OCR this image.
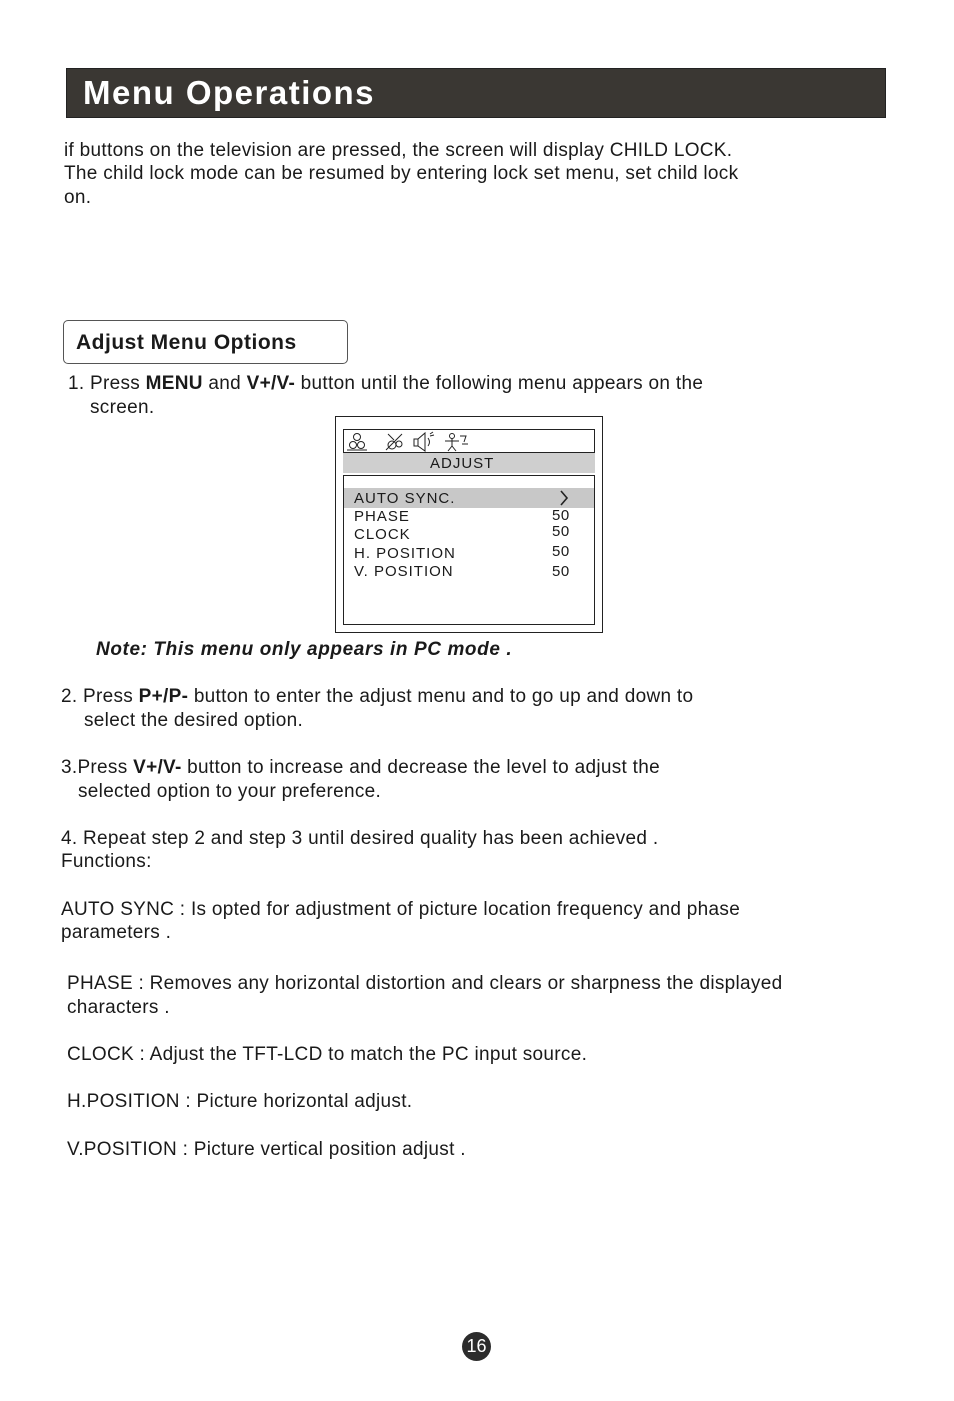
Menu Operations
if buttons on the television are pressed, the screen will display CHILD LOCK.
The child lock mode can be resumed by entering lock set menu, set child lock
on.
Adjust Menu Options
1. Press MENU and V+/V- button until the following menu appears on the
screen.
ADJUST
AUTO SYNC.
PHASE	50
CLOCK	50
H. POSITION	50
V. POSITION	50
Note: This menu only appears in PC mode .
2. Press P+/P- button to enter the adjust menu and to go up and down to
select the desired option.
3.Press V+/V- button to increase and decrease the level to adjust the
selected option to your preference.
4. Repeat step 2 and step 3 until desired quality has been achieved .
Functions:
AUTO SYNC : Is opted for adjustment of picture location frequency and phase
parameters .
PHASE : Removes any horizontal distortion and clears or sharpness the displayed
characters .
CLOCK : Adjust the TFT-LCD to match the PC input source.
H.POSITION : Picture horizontal adjust.
V.POSITION : Picture vertical position adjust .
16
